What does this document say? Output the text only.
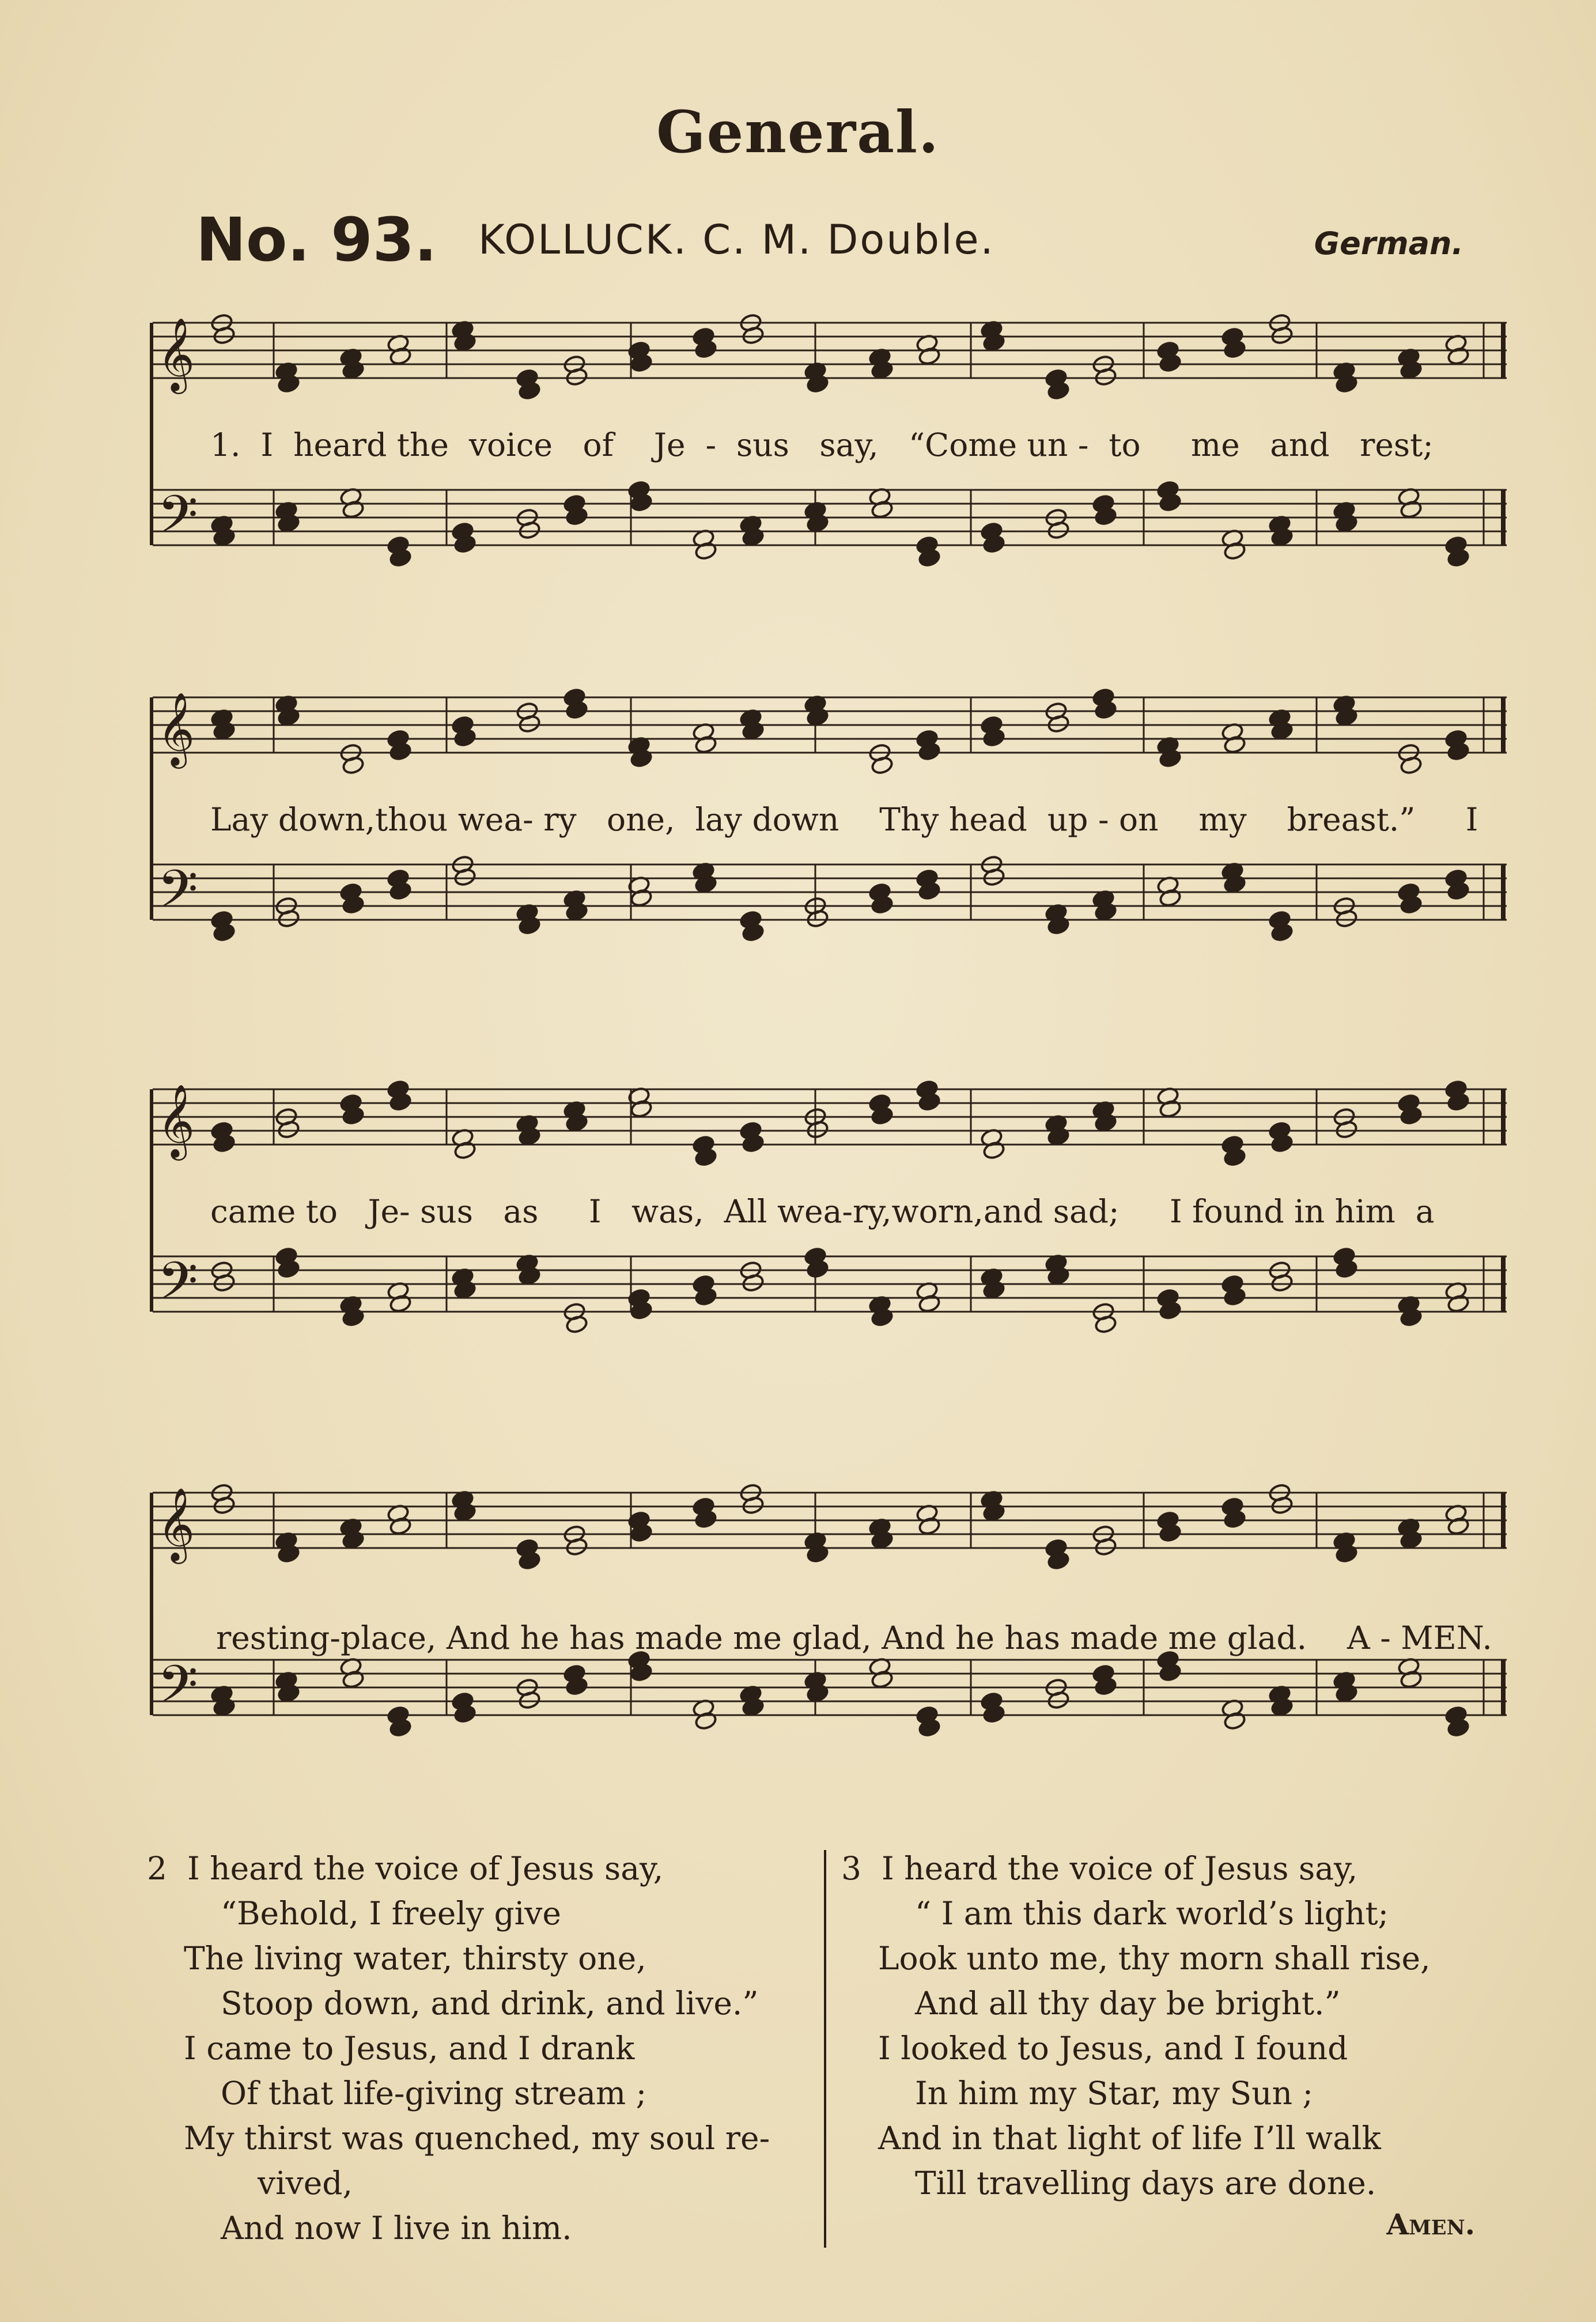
General.
No. 93. KOLLUCK. C. M. Double.	German.
𝄞
𝄢
1.  I  heard the  voice   of    Je  -  sus   say,   “Come un -  to     me   and   rest;
𝄞
𝄢
Lay down,thou wea- ry   one,  lay down    Thy head  up - on    my    breast.”     I
𝄞
𝄢
came to   Je- sus   as     I   was,  All wea-ry,worn,and sad;     I found in him  a
𝄞
𝄢
resting-place, And he has made me glad, And he has made me glad.    A - MEN.
2 I heard the voice of Jesus say,
“Behold, I freely give
The living water, thirsty one,
Stoop down, and drink, and live.”
I came to Jesus, and I drank
Of that life-giving stream ;
My thirst was quenched, my soul re-
vived,
And now I live in him.
3 I heard the voice of Jesus say,
“ I am this dark world’s light;
Look unto me, thy morn shall rise,
And all thy day be bright.”
I looked to Jesus, and I found
In him my Star, my Sun ;
And in that light of life I’ll walk
Till travelling days are done.
Amen.
